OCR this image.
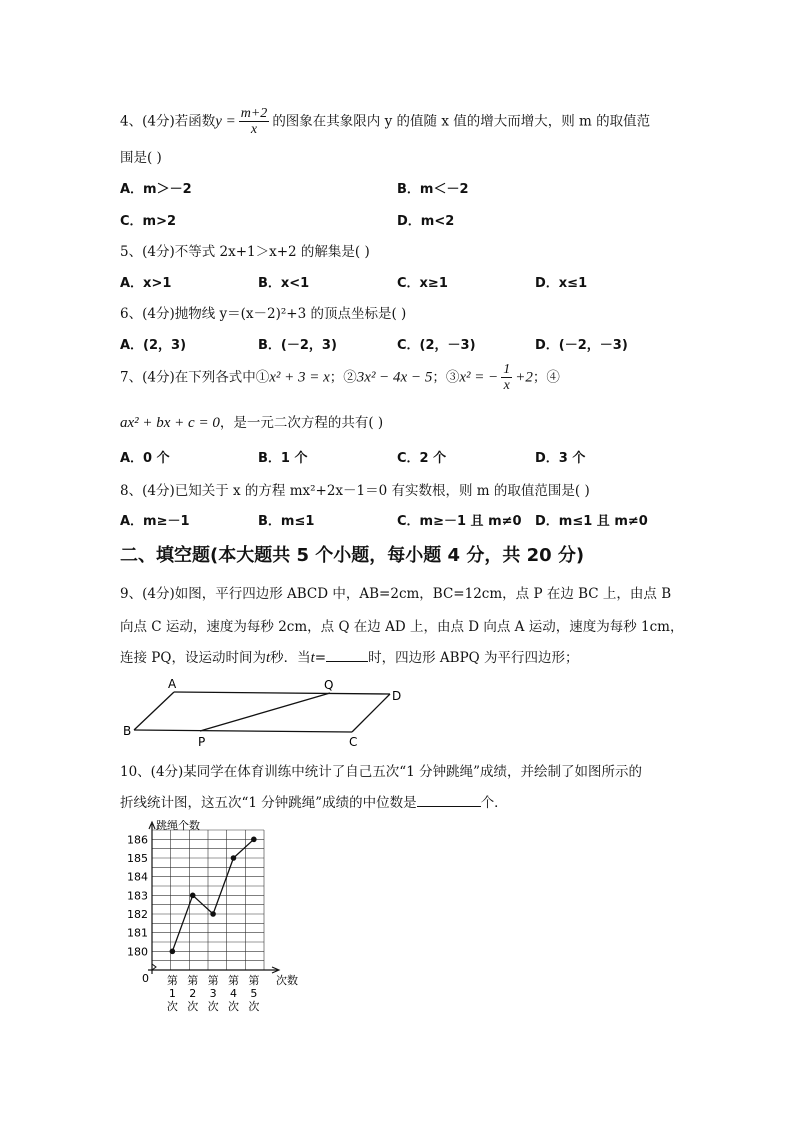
4、(4分)若函数$y = \frac{m+2}{x}$ 的图象在其象限内 y 的值随 x 值的增大而增大，则 m 的取值范
围是( )
A．m＞－2	B．m＜－2
C．m>2	D．m<2
5、(4分)不等式 2x+1＞x+2 的解集是( )
A．x>1	B．x<1	C．x≥1	D．x≤1
6、(4分)抛物线 y＝(x－2)²+3 的顶点坐标是( )
A．(2，3)	B．(－2，3)	C．(2，－3)	D．(－2，－3)
7、(4分)在下列各式中①x² + 3 = x；②3x² − 4x − 5；③x² = − $\frac{1}{x} +2$；④
ax² + bx + c = 0，是一元二次方程的共有( )
A．0 个	B．1 个	C．2 个	D．3 个
8、(4分)已知关于 x 的方程 mx²+2x－1＝0 有实数根，则 m 的取值范围是( )
A．m≥－1	B．m≤1	C．m≥－1 且 m≠0 D．m≤1 且 m≠0
二、填空题(本大题共 5 个小题，每小题 4 分，共 20 分)
9、(4分)如图，平行四边形 ABCD 中，AB=2cm，BC=12cm，点 P 在边 BC 上，由点 B
向点 C 运动，速度为每秒 2cm，点 Q 在边 AD 上，由点 D 向点 A 运动，速度为每秒 1cm，
连接 PQ，设运动时间为t秒．当t=	时，四边形 ABPQ 为平行四边形；
A	Q
D
B
P	C
10、(4分)某同学在体育训练中统计了自己五次“1 分钟跳绳”成绩，并绘制了如图所示的
折线统计图，这五次“1 分钟跳绳”成绩的中位数是	个．
180
181
182
183
184
185
186
第
1
次
第
2
次
第
3
次
第
4
次
第
5
次
跳绳个数
次数
0
